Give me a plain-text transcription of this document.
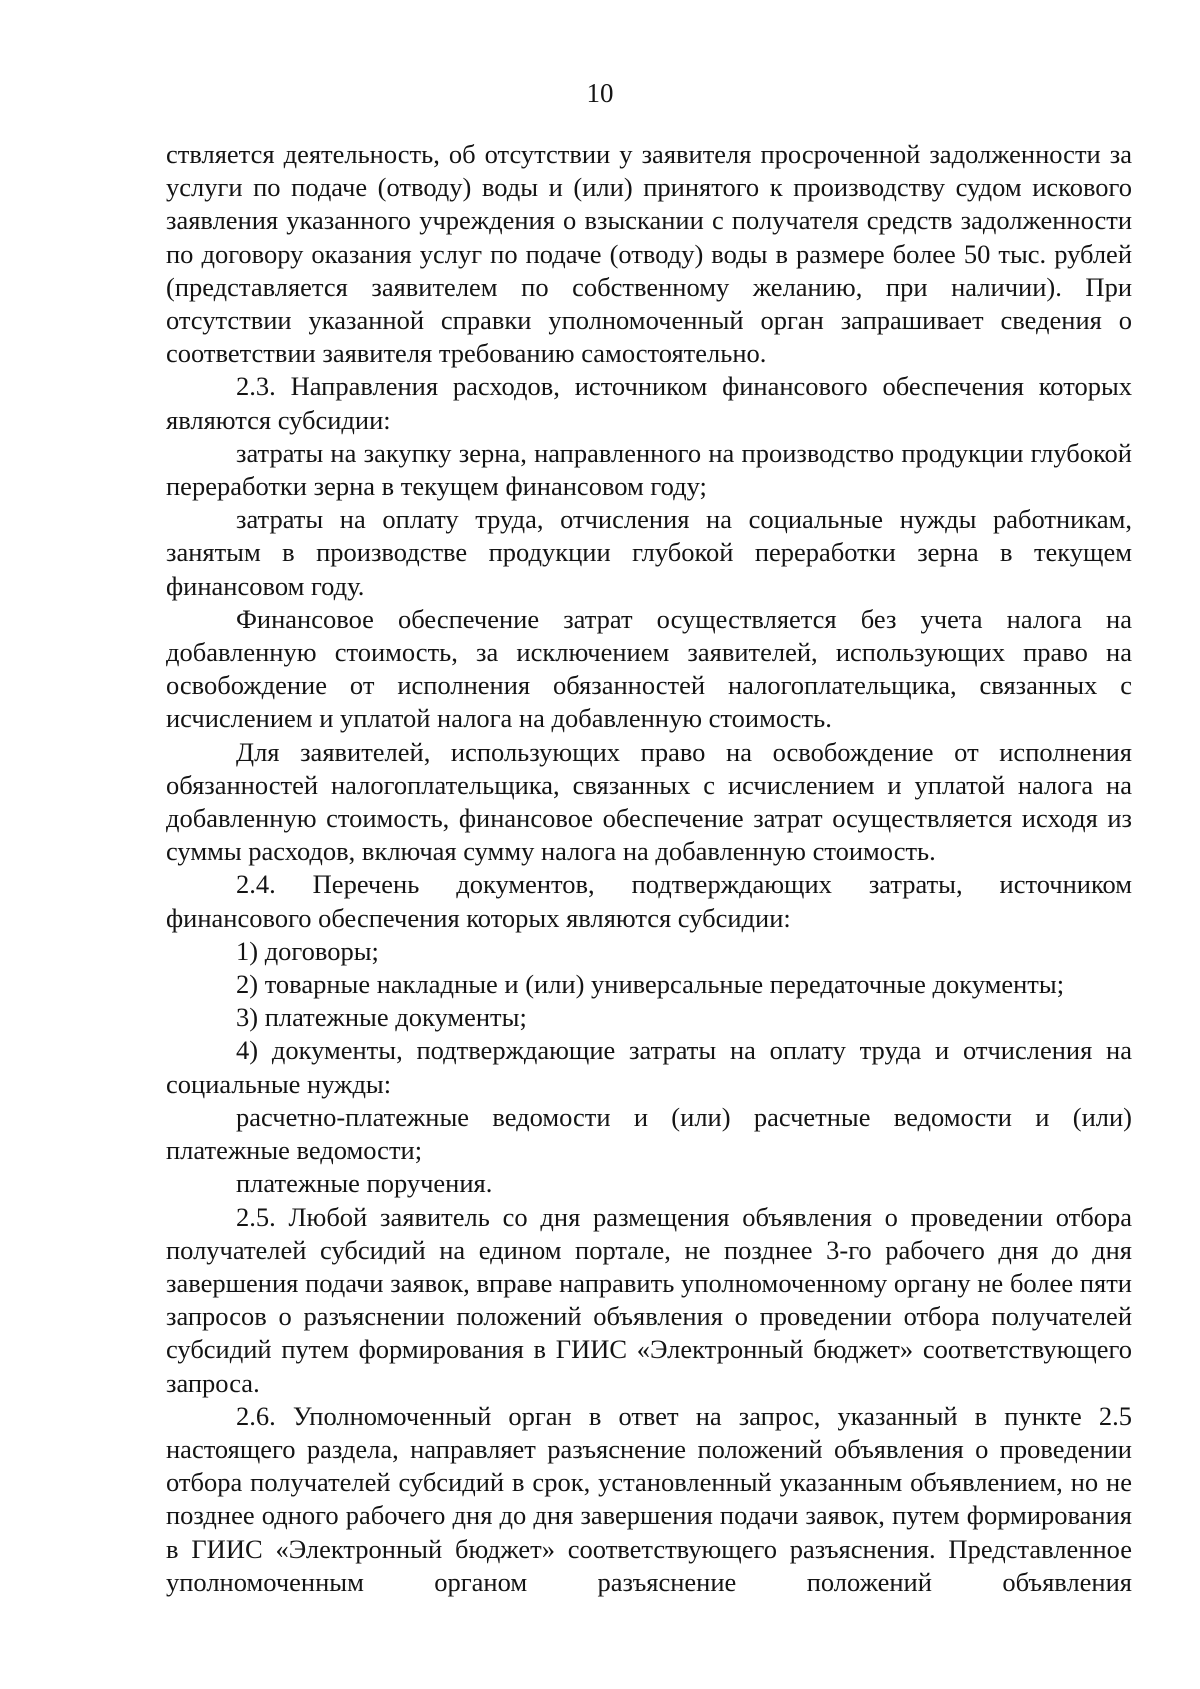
10

ствляется деятельность, об отсутствии у заявителя просроченной задолженности за услуги по подаче (отводу) воды и (или) принятого к производству судом искового заявления указанного учреждения о взыскании с получателя средств задолженности по договору оказания услуг по подаче (отводу) воды в размере более 50 тыс. рублей (представляется заявителем по собственному желанию, при наличии). При отсутствии указанной справки уполномоченный орган запрашивает сведения о соответствии заявителя требованию самостоятельно.

2.3. Направления расходов, источником финансового обеспечения которых являются субсидии:

затраты на закупку зерна, направленного на производство продукции глубокой переработки зерна в текущем финансовом году;

затраты на оплату труда, отчисления на социальные нужды работникам, занятым в производстве продукции глубокой переработки зерна в текущем финансовом году.

Финансовое обеспечение затрат осуществляется без учета налога на добавленную стоимость, за исключением заявителей, использующих право на освобождение от исполнения обязанностей налогоплательщика, связанных с исчислением и уплатой налога на добавленную стоимость.

Для заявителей, использующих право на освобождение от исполнения обязанностей налогоплательщика, связанных с исчислением и уплатой налога на добавленную стоимость, финансовое обеспечение затрат осуществляется исходя из суммы расходов, включая сумму налога на добавленную стоимость.

2.4. Перечень документов, подтверждающих затраты, источником финансового обеспечения которых являются субсидии:

1) договоры;

2) товарные накладные и (или) универсальные передаточные документы;

3) платежные документы;

4) документы, подтверждающие затраты на оплату труда и отчисления на социальные нужды:

расчетно-платежные ведомости и (или) расчетные ведомости и (или) платежные ведомости;

платежные поручения.

2.5. Любой заявитель со дня размещения объявления о проведении отбора получателей субсидий на едином портале, не позднее 3-го рабочего дня до дня завершения подачи заявок, вправе направить уполномоченному органу не более пяти запросов о разъяснении положений объявления о проведении отбора получателей субсидий путем формирования в ГИИС «Электронный бюджет» соответствующего запроса.

2.6. Уполномоченный орган в ответ на запрос, указанный в пункте 2.5 настоящего раздела, направляет разъяснение положений объявления о проведении отбора получателей субсидий в срок, установленный указанным объявлением, но не позднее одного рабочего дня до дня завершения подачи заявок, путем формирования в ГИИС «Электронный бюджет» соответствующего разъяснения. Представленное уполномоченным органом разъяснение положений объявления
